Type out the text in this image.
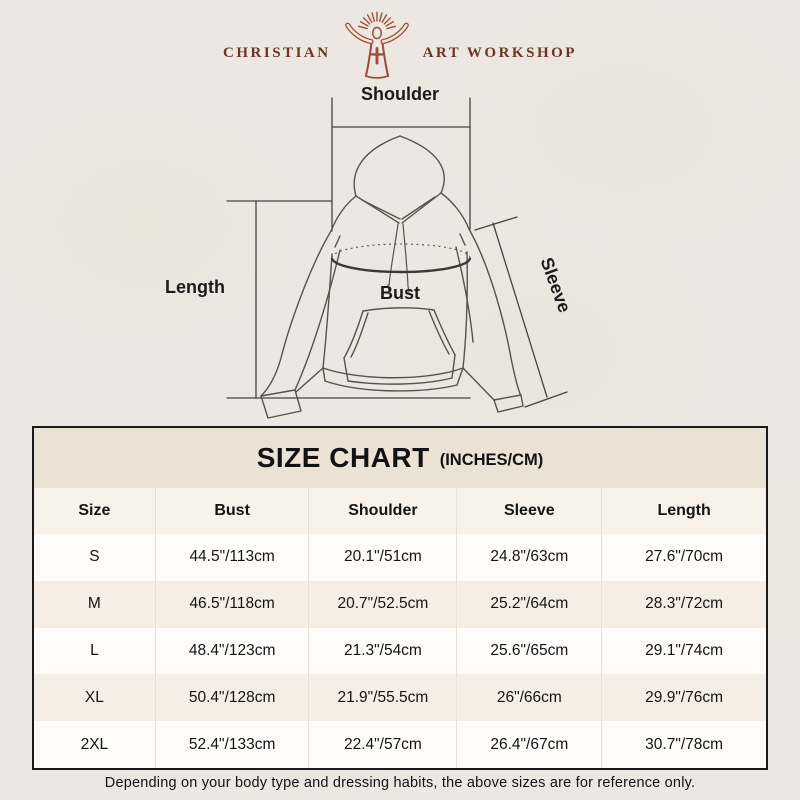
CHRISTIAN	ART WORKSHOP
Shoulder
Length	Bust	Sleeve
SIZE CHART (INCHES/CM)
Size	Bust	Shoulder	Sleeve	Length
S	44.5"/113cm	20.1"/51cm	24.8"/63cm	27.6"/70cm
M	46.5"/118cm	20.7"/52.5cm	25.2"/64cm	28.3"/72cm
L	48.4"/123cm	21.3"/54cm	25.6"/65cm	29.1"/74cm
XL	50.4"/128cm	21.9"/55.5cm	26"/66cm	29.9"/76cm
2XL	52.4"/133cm	22.4"/57cm	26.4"/67cm	30.7"/78cm
Depending on your body type and dressing habits, the above sizes are for reference only.
